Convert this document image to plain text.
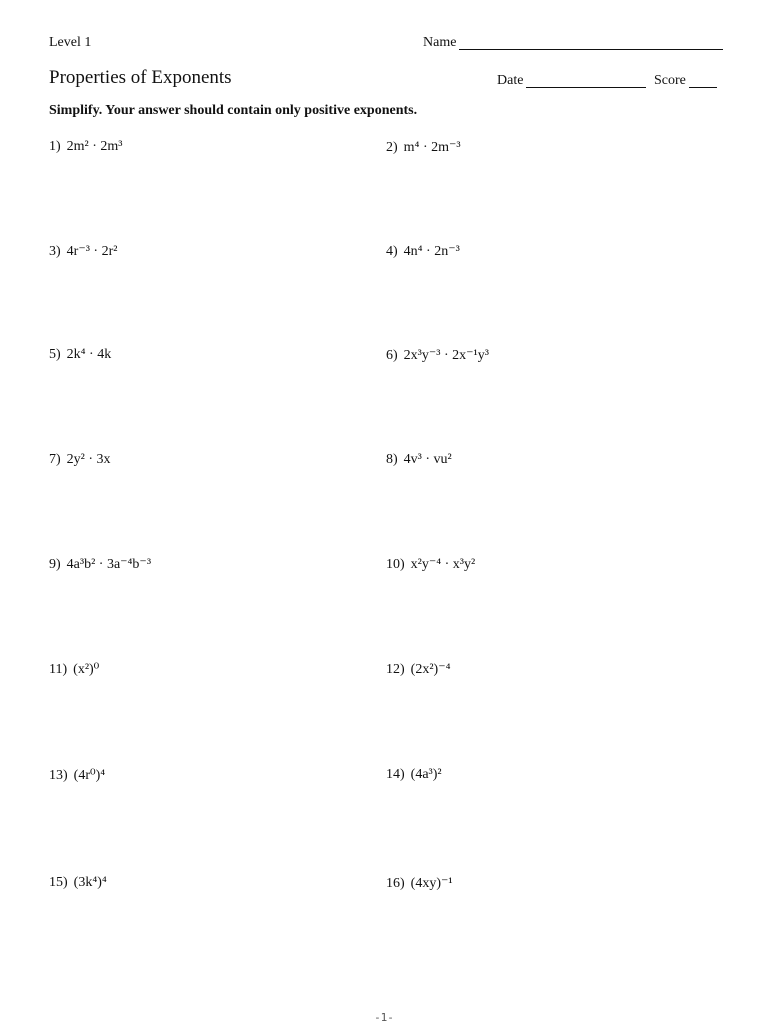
Level 1	Name
Properties of Exponents	Date	Score
Simplify. Your answer should contain only positive exponents.
1) 2m² · 2m³	2) m⁴ · 2m⁻³
3) 4r⁻³ · 2r²	4) 4n⁴ · 2n⁻³
5) 2k⁴ · 4k	6) 2x³y⁻³ · 2x⁻¹y³
7) 2y² · 3x	8) 4v³ · vu²
9) 4a³b² · 3a⁻⁴b⁻³	10) x²y⁻⁴ · x³y²
11) (x²)⁰	12) (2x²)⁻⁴
13) (4r⁰)⁴	14) (4a³)²
15) (3k⁴)⁴	16) (4xy)⁻¹
-1-
